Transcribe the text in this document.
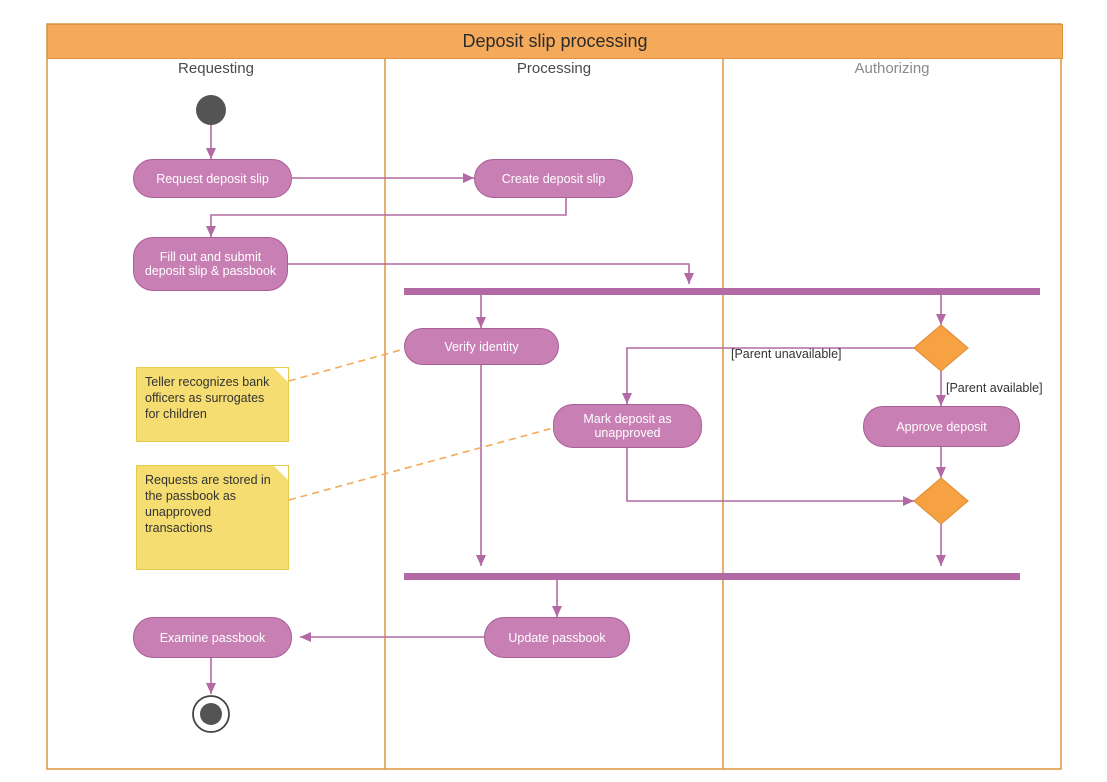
Deposit slip processing
Requesting	Processing	Authorizing
Request deposit slip	Create deposit slip
Fill out and submit deposit slip & passbook
Verify identity
Mark deposit as unapproved	Approve deposit
Update passbook
Examine passbook
[Parent unavailable]
[Parent available]
Teller recognizes bank officers as surrogates for children
Requests are stored in the passbook as unapproved transactions
